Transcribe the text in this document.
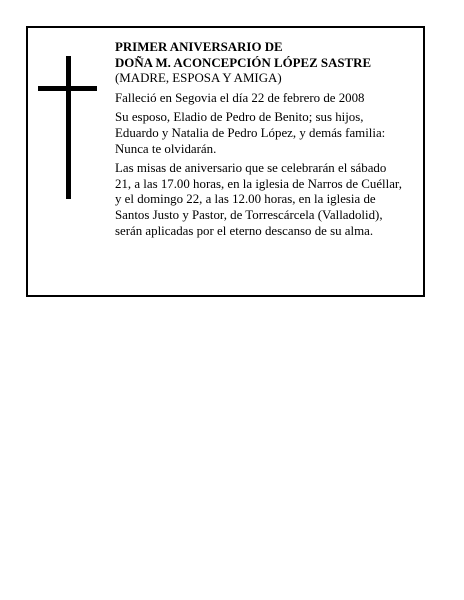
PRIMER ANIVERSARIO DE
DOÑA M. ACONCEPCIÓN LÓPEZ SASTRE
(MADRE, ESPOSA Y AMIGA)

Falleció en Segovia el día 22 de febrero de 2008

Su esposo, Eladio de Pedro de Benito; sus hijos,
Eduardo y Natalia de Pedro López, y demás familia:
Nunca te olvidarán.

Las misas de aniversario que se celebrarán el sábado
21, a las 17.00 horas, en la iglesia de Narros de Cuéllar,
y el domingo 22, a las 12.00 horas, en la iglesia de
Santos Justo y Pastor, de Torrescárcela (Valladolid),
serán aplicadas por el eterno descanso de su alma.
